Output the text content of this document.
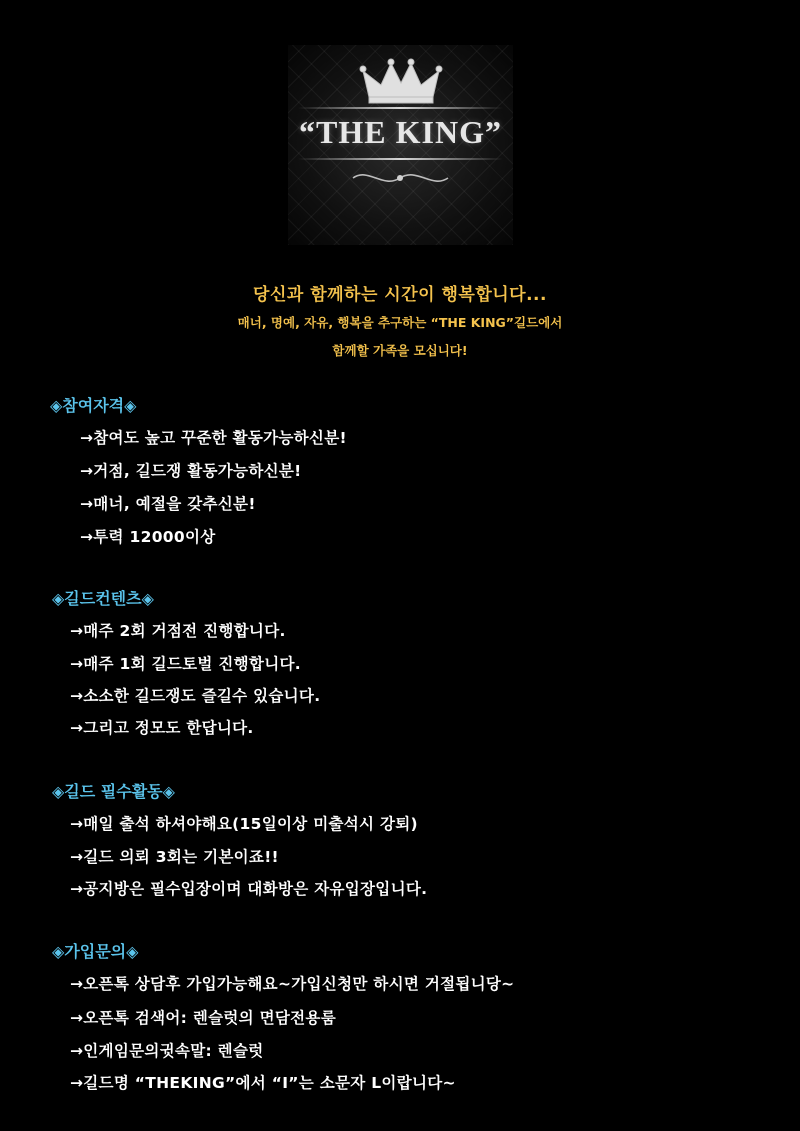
“THE KING”
당신과 함께하는 시간이 행복합니다...
매너, 명예, 자유, 행복을 추구하는 “THE KING”길드에서
함께할 가족을 모십니다!
◈참여자격◈
→참여도 높고 꾸준한 활동가능하신분!
→거점, 길드쟁 활동가능하신분!
→매너, 예절을 갖추신분!
→투력 12000이상
◈길드컨텐츠◈
→매주 2회 거점전 진행합니다.
→매주 1회 길드토벌 진행합니다.
→소소한 길드쟁도 즐길수 있습니다.
→그리고 정모도 한답니다.
◈길드 필수활동◈
→매일 출석 하셔야해요(15일이상 미출석시 강퇴)
→길드 의뢰 3회는 기본이죠!!
→공지방은 필수입장이며 대화방은 자유입장입니다.
◈가입문의◈
→오픈톡 상담후 가입가능해요~가입신청만 하시면 거절됩니당~
→오픈톡 검색어: 렌슬럿의 면담전용룸
→인게임문의귓속말: 렌슬럿
→길드명 “THEKING”에서 “I”는 소문자 L이랍니다~
